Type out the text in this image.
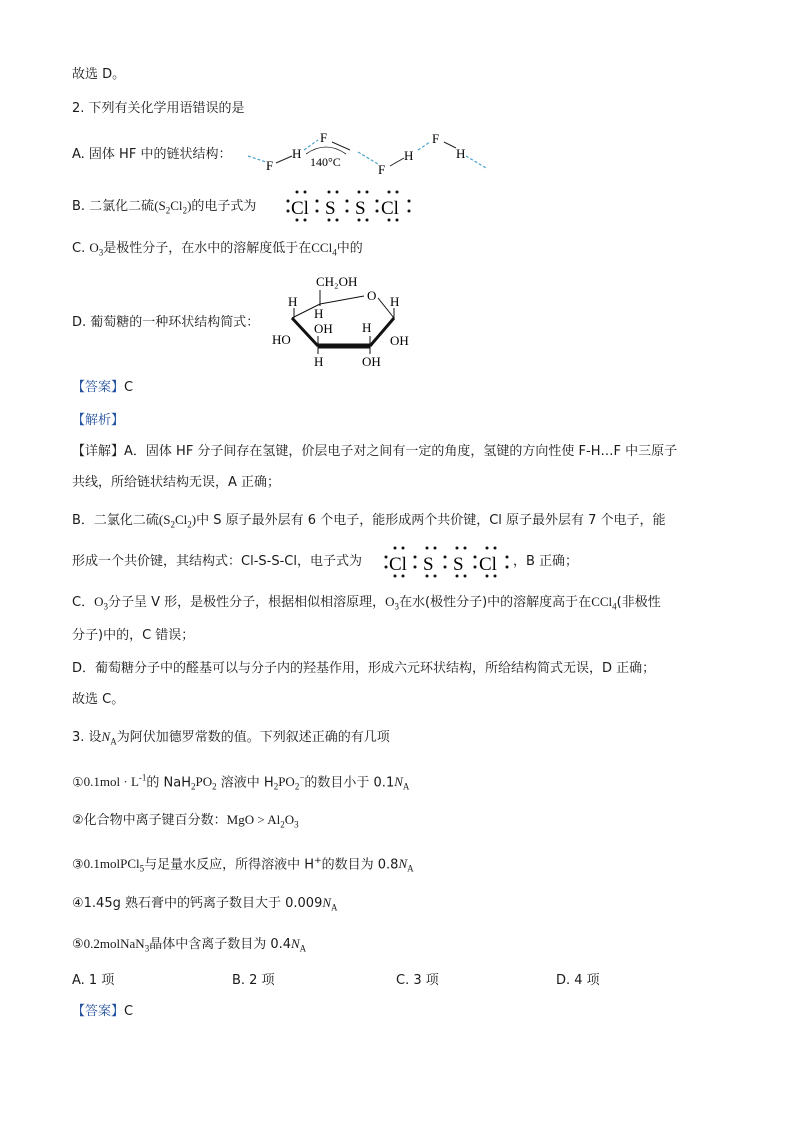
故选 D。
2. 下列有关化学用语错误的是
A. 固体 HF 中的链状结构：
F
H
F
140°C	F
H
F
H
B. 二氯化二硫$(S_2Cl_2)$的电子式为 Cl S S Cl
C. $O_3$是极性分子，在水中的溶解度低于在CCl$_4$中的
D. 葡萄糖的一种环状结构简式：
CH₂OH
O
H
H
H
OH H
HO	OH
H	OH
【答案】C
【解析】
【详解】A．固体 HF 分子间存在氢键，价层电子对之间有一定的角度，氢键的方向性使 F-H…F 中三原子
共线，所给链状结构无误，A 正确；
B．二氯化二硫$(S_2Cl_2)$中 S 原子最外层有 6 个电子，能形成两个共价键，Cl 原子最外层有 7 个电子，能
形成一个共价键，其结构式：Cl-S-S-Cl，电子式为 Cl S S Cl ，B 正确；
C．$O_3$分子呈 V 形，是极性分子，根据相似相溶原理，$O_3$在水(极性分子)中的溶解度高于在CCl$_4$(非极性
分子)中的，C 错误；
D．葡萄糖分子中的醛基可以与分子内的羟基作用，形成六元环状结构，所给结构简式无误，D 正确；
故选 C。
3. 设$N_A$为阿伏加德罗常数的值。下列叙述正确的有几项
①0.1mol · $L^{-1}$的 $NaH_2PO_2$ 溶液中 $H_2PO_2^-$的数目小于 $0.1N_A$
②化合物中离子键百分数：MgO > $Al_2O_3$
③0.1molPCl$_5$与足量水反应，所得溶液中 H+的数目为 $0.8N_A$
④1.45g 熟石膏中的钙离子数目大于 $0.009N_A$
⑤0.2molNaN$_3$晶体中含离子数目为 $0.4N_A$
A. 1 项	B. 2 项	C. 3 项	D. 4 项
【答案】C
